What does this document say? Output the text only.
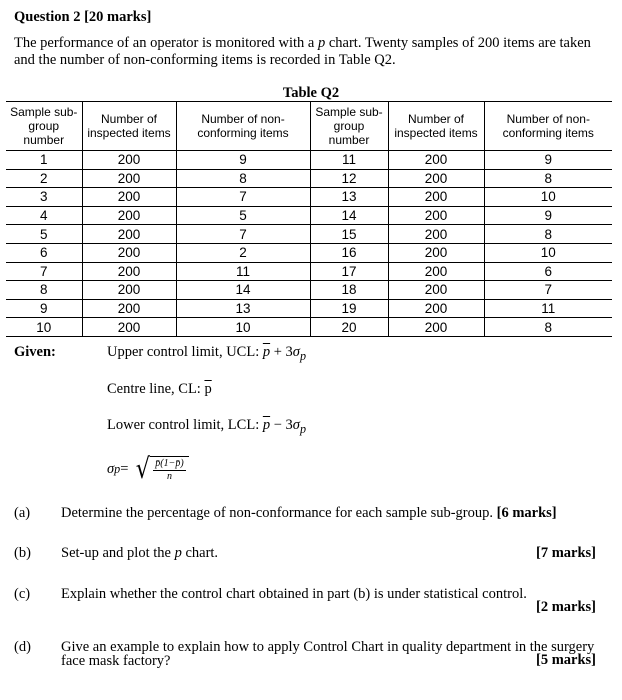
Question 2 [20 marks]
The performance of an operator is monitored with a p chart. Twenty samples of 200 items are taken and the number of non-conforming items is recorded in Table Q2.
Table Q2
Sample sub-group number	Number of inspected items	Number of non-conforming items	Sample sub-group number	Number of inspected items	Number of non-conforming items
1	200	9	11	200	9
2	200	8	12	200	8
3	200	7	13	200	10
4	200	5	14	200	9
5	200	7	15	200	8
6	200	2	16	200	10
7	200	11	17	200	6
8	200	14	18	200	7
9	200	13	19	200	11
10	200	10	20	200	8
Given:	Upper control limit, UCL: $\overline{p} + 3\sigma_p$
Centre line, CL: $\overline{p}$
Lower control limit, LCL: $\overline{p} - 3\sigma_p$
σ p = √ $\frac{p̄(1-p̄)}{n}$
(a) Determine the percentage of non-conformance for each sample sub-group. [6 marks]
(b) Set-up and plot the p chart.	[7 marks]
(c) Explain whether the control chart obtained in part (b) is under statistical control.
[2 marks]
(d) Give an example to explain how to apply Control Chart in quality department in the surgery face mask factory?	[5 marks]
